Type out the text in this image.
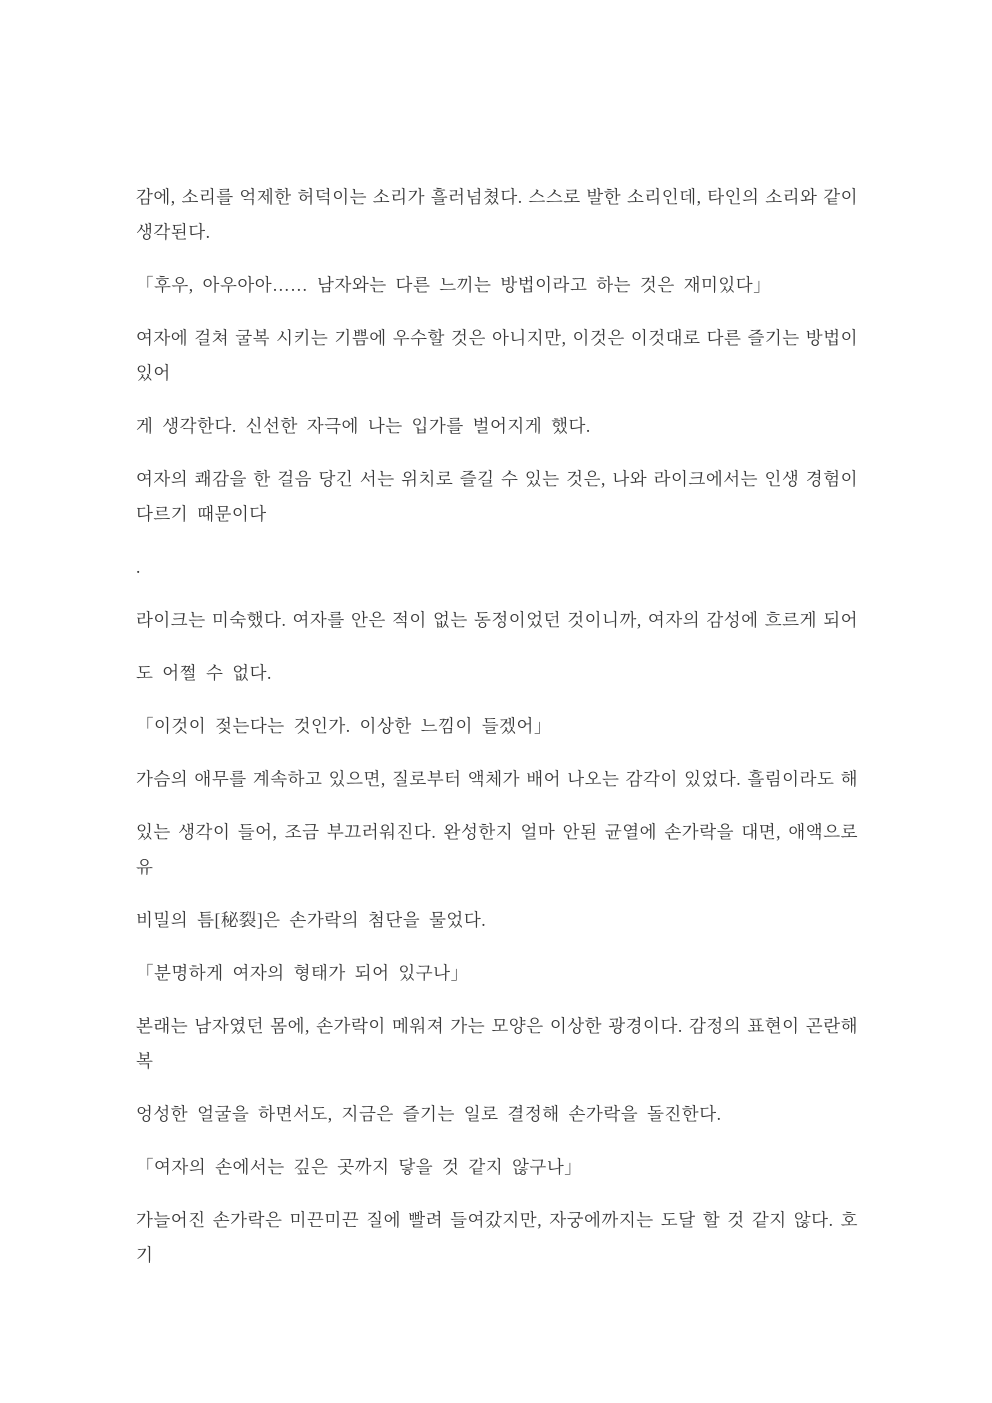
감에, 소리를 억제한 허덕이는 소리가 흘러넘쳤다. 스스로 발한 소리인데, 타인의 소리와 같이
생각된다.
「후우, 아우아아…… 남자와는 다른 느끼는 방법이라고 하는 것은 재미있다」
여자에 걸쳐 굴복 시키는 기쁨에 우수할 것은 아니지만, 이것은 이것대로 다른 즐기는 방법이
있어
게 생각한다. 신선한 자극에 나는 입가를 벌어지게 했다.
여자의 쾌감을 한 걸음 당긴 서는 위치로 즐길 수 있는 것은, 나와 라이크에서는 인생 경험이
다르기 때문이다
.
라이크는 미숙했다. 여자를 안은 적이 없는 동정이었던 것이니까, 여자의 감성에 흐르게 되어
도 어쩔 수 없다.
「이것이 젖는다는 것인가. 이상한 느낌이 들겠어」
가슴의 애무를 계속하고 있으면, 질로부터 액체가 배어 나오는 감각이 있었다. 흘림이라도 해
있는 생각이 들어, 조금 부끄러워진다. 완성한지 얼마 안된 균열에 손가락을 대면, 애액으로
유
비밀의 틈[秘裂]은 손가락의 첨단을 물었다.
「분명하게 여자의 형태가 되어 있구나」
본래는 남자였던 몸에, 손가락이 메워져 가는 모양은 이상한 광경이다. 감정의 표현이 곤란해
복
엉성한 얼굴을 하면서도, 지금은 즐기는 일로 결정해 손가락을 돌진한다.
「여자의 손에서는 깊은 곳까지 닿을 것 같지 않구나」
가늘어진 손가락은 미끈미끈 질에 빨려 들여갔지만, 자궁에까지는 도달 할 것 같지 않다. 호
기
